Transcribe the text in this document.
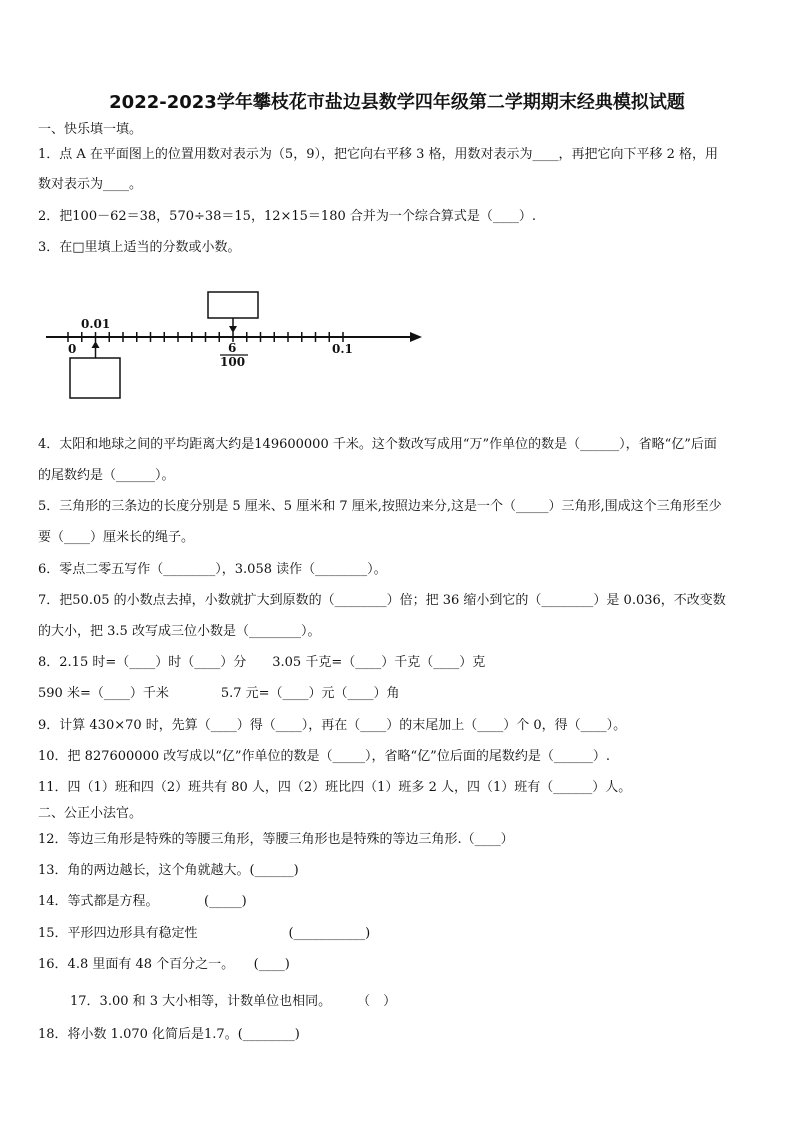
2022-2023学年攀枝花市盐边县数学四年级第二学期期末经典模拟试题
一、快乐填一填。
1．点 A 在平面图上的位置用数对表示为（5，9），把它向右平移 3 格，用数对表示为____，再把它向下平移 2 格，用
数对表示为____。
2．把100－62＝38，570÷38＝15，12×15＝180 合并为一个综合算式是（____）.
3．在□里填上适当的分数或小数。
0
0.01
6
100
0.1
4．太阳和地球之间的平均距离大约是149600000 千米。这个数改写成用“万”作单位的数是（______），省略“亿”后面
的尾数约是（______）。
5．三角形的三条边的长度分别是 5 厘米、5 厘米和 7 厘米,按照边来分,这是一个（_____）三角形,围成这个三角形至少
要（____）厘米长的绳子。
6．零点二零五写作（________），3.058 读作（________）。
7．把50.05 的小数点去掉，小数就扩大到原数的（________）倍；把 36 缩小到它的（________）是 0.036，不改变数
的大小，把 3.5 改写成三位小数是（________）。
8．2.15 时=（____）时（____）分　　3.05 千克=（____）千克（____）克
590 米=（____）千米　　　　5.7 元=（____）元（____）角
9．计算 430×70 时，先算（____）得（____），再在（____）的末尾加上（____）个 0，得（____）。
10．把 827600000 改写成以“亿”作单位的数是（_____），省略“亿”位后面的尾数约是（______）.
11．四（1）班和四（2）班共有 80 人，四（2）班比四（1）班多 2 人，四（1）班有（______）人。
二、公正小法官。
12．等边三角形是特殊的等腰三角形，等腰三角形也是特殊的等边三角形.（____）
13．角的两边越长，这个角就越大。(______)
14．等式都是方程。　　　　(_____)
15．平形四边形具有稳定性　　　　　　　(___________)
16．4.8 里面有 48 个百分之一。　　(____)
17．3.00 和 3 大小相等，计数单位也相同。　　　（　）
18．将小数 1.070 化简后是1.7。(________)
